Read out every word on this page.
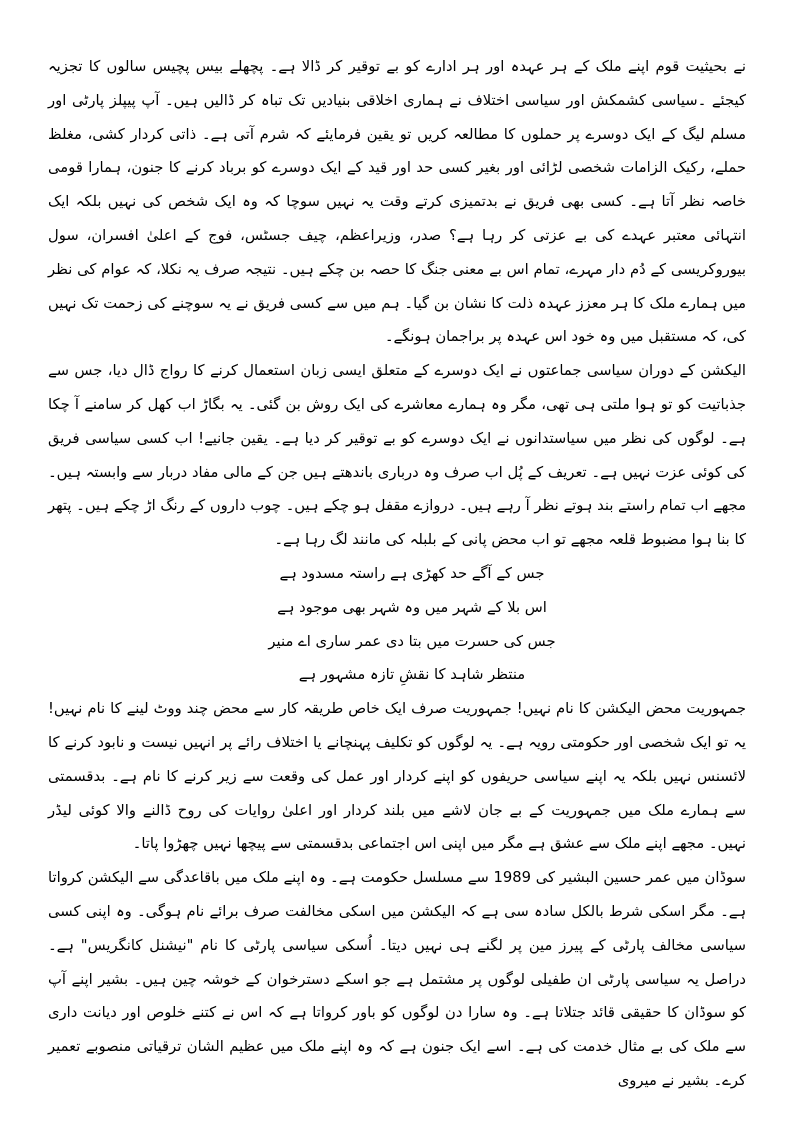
نے بحیثیت قوم اپنے ملک کے ہر عہدہ اور ہر ادارے کو بے توقیر کر ڈالا ہے۔ پچھلے بیس پچیس سالوں کا تجزیہ کیجئے ۔سیاسی کشمکش اور سیاسی اختلاف نے ہماری اخلاقی بنیادیں تک تباہ کر ڈالیں ہیں۔ آپ پیپلز پارٹی اور مسلم لیگ کے ایک دوسرے پر حملوں کا مطالعہ کریں تو یقین فرمایئے کہ شرم آتی ہے۔ ذاتی کردار کشی، مغلظ حملے، رکیک الزامات شخصی لڑائی اور بغیر کسی حد اور قید کے ایک دوسرے کو برباد کرنے کا جنون، ہمارا قومی خاصہ نظر آتا ہے۔ کسی بھی فریق نے بدتمیزی کرتے وقت یہ نہیں سوچا کہ وہ ایک شخص کی نہیں بلکہ ایک انتہائی معتبر عہدے کی بے عزتی کر رہا ہے؟ صدر، وزیراعظم، چیف جسٹس، فوج کے اعلیٰ افسران، سول بیوروکریسی کے دُم دار مہرے، تمام اس بے معنی جنگ کا حصہ بن چکے ہیں۔ نتیجہ صرف یہ نکلا، کہ عوام کی نظر میں ہمارے ملک کا ہر معزز عہدہ ذلت کا نشان بن گیا۔ ہم میں سے کسی فریق نے یہ سوچنے کی زحمت تک نہیں کی، کہ مستقبل میں وہ خود اس عہدہ پر براجمان ہونگے۔

الیکشن کے دوران سیاسی جماعتوں نے ایک دوسرے کے متعلق ایسی زبان استعمال کرنے کا رواج ڈال دیا، جس سے جذباتیت کو تو ہوا ملتی ہی تھی، مگر وہ ہمارے معاشرے کی ایک روش بن گئی۔ یہ بگاڑ اب کھل کر سامنے آ چکا ہے۔ لوگوں کی نظر میں سیاستدانوں نے ایک دوسرے کو بے توقیر کر دیا ہے۔ یقین جانیے! اب کسی سیاسی فریق کی کوئی عزت نہیں ہے۔ تعریف کے پُل اب صرف وہ درباری باندھتے ہیں جن کے مالی مفاد دربار سے وابستہ ہیں۔ مجھے اب تمام راستے بند ہوتے نظر آ رہے ہیں۔ دروازے مقفل ہو چکے ہیں۔ چوب داروں کے رنگ اڑ چکے ہیں۔ پتھر کا بنا ہوا مضبوط قلعہ مجھے تو اب محض پانی کے بلبلہ کی مانند لگ رہا ہے۔

جس کے آگے حد کھڑی ہے راستہ مسدود ہے

اس بلا کے شہر میں وہ شہر بھی موجود ہے

جس کی حسرت میں بتا دی عمر ساری اے منیر

منتظر شاہد کا نقشِ تازہ مشہور ہے

جمہوریت محض الیکشن کا نام نہیں! جمہوریت صرف ایک خاص طریقہ کار سے محض چند ووٹ لینے کا نام نہیں! یہ تو ایک شخصی اور حکومتی رویہ ہے۔ یہ لوگوں کو تکلیف پہنچانے یا اختلاف رائے پر انہیں نیست و نابود کرنے کا لائسنس نہیں بلکہ یہ اپنے سیاسی حریفوں کو اپنے کردار اور عمل کی وقعت سے زیر کرنے کا نام ہے۔ بدقسمتی سے ہمارے ملک میں جمہوریت کے بے جان لاشے میں بلند کردار اور اعلیٰ روایات کی روح ڈالنے والا کوئی لیڈر نہیں۔ مجھے اپنے ملک سے عشق ہے مگر میں اپنی اس اجتماعی بدقسمتی سے پیچھا نہیں چھڑوا پاتا۔

سوڈان میں عمر حسین البشیر کی 1989 سے مسلسل حکومت ہے۔ وہ اپنے ملک میں باقاعدگی سے الیکشن کرواتا ہے۔ مگر اسکی شرط بالکل سادہ سی ہے کہ الیکشن میں اسکی مخالفت صرف برائے نام ہوگی۔ وہ اپنی کسی سیاسی مخالف پارٹی کے پیرز مین پر لگنے ہی نہیں دیتا۔ اُسکی سیاسی پارٹی کا نام "نیشنل کانگریس" ہے۔ دراصل یہ سیاسی پارٹی ان طفیلی لوگوں پر مشتمل ہے جو اسکے دسترخوان کے خوشہ چین ہیں۔ بشیر اپنے آپ کو سوڈان کا حقیقی قائد جتلاتا ہے۔ وہ سارا دن لوگوں کو باور کرواتا ہے کہ اس نے کتنے خلوص اور دیانت داری سے ملک کی بے مثال خدمت کی ہے۔ اسے ایک جنون ہے کہ وہ اپنے ملک میں عظیم الشان ترقیاتی منصوبے تعمیر کرے۔ بشیر نے میروی
